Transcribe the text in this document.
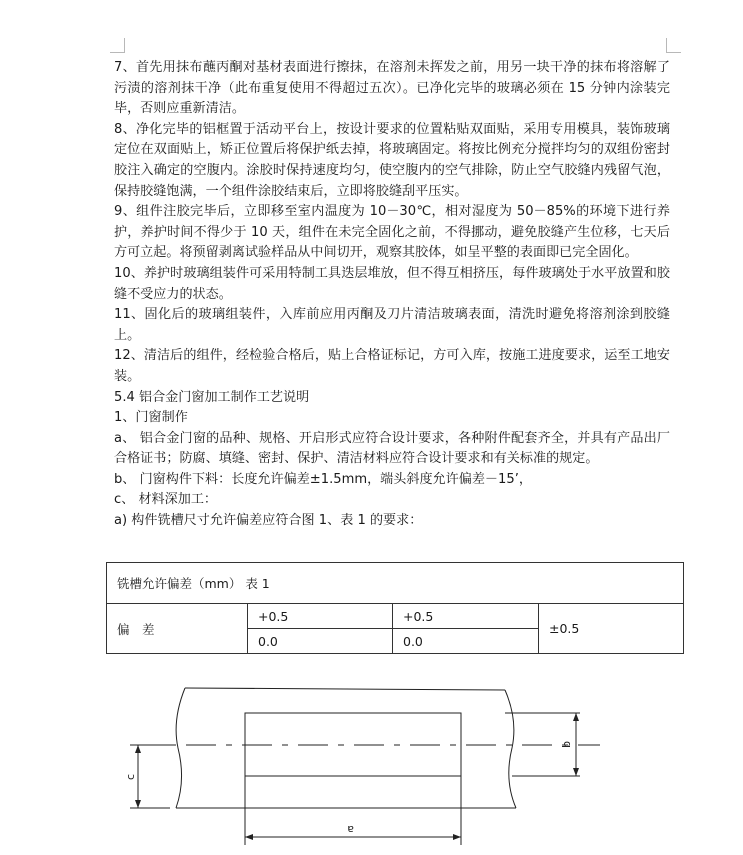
7、首先用抹布蘸丙酮对基材表面进行擦抹，在溶剂未挥发之前，用另一块干净的抹布将溶解了污渍的溶剂抹干净（此布重复使用不得超过五次）。已净化完毕的玻璃必须在 15 分钟内涂装完毕，否则应重新清洁。

8、净化完毕的铝框置于活动平台上，按设计要求的位置粘贴双面贴，采用专用模具，装饰玻璃定位在双面贴上，矫正位置后将保护纸去掉，将玻璃固定。将按比例充分搅拌均匀的双组份密封胶注入确定的空腹内。涂胶时保持速度均匀，使空腹内的空气排除，防止空气胶缝内残留气泡，保持胶缝饱满，一个组件涂胶结束后，立即将胶缝刮平压实。

9、组件注胶完毕后，立即移至室内温度为 10－30℃，相对湿度为 50－85%的环境下进行养护，养护时间不得少于 10 天，组件在未完全固化之前，不得挪动，避免胶缝产生位移，七天后方可立起。将预留剥离试验样品从中间切开，观察其胶体，如呈平整的表面即已完全固化。

10、养护时玻璃组装件可采用特制工具迭层堆放，但不得互相挤压，每件玻璃处于水平放置和胶缝不受应力的状态。

11、固化后的玻璃组装件，入库前应用丙酮及刀片清洁玻璃表面，清洗时避免将溶剂涂到胶缝上。

12、清洁后的组件，经检验合格后，贴上合格证标记，方可入库，按施工进度要求，运至工地安装。

5.4 铝合金门窗加工制作工艺说明

1、门窗制作

a、 铝合金门窗的品种、规格、开启形式应符合设计要求，各种附件配套齐全，并具有产品出厂合格证书；防腐、填缝、密封、保护、清洁材料应符合设计要求和有关标准的规定。

b、 门窗构件下料：长度允许偏差±1.5mm，端头斜度允许偏差－15’，

c、 材料深加工：

a) 构件铣槽尺寸允许偏差应符合图 1、表 1 的要求：

铣槽允许偏差（mm） 表 1			
偏　差	+0.5	+0.5	±0.5
	0.0	0.0	
c
b
a
